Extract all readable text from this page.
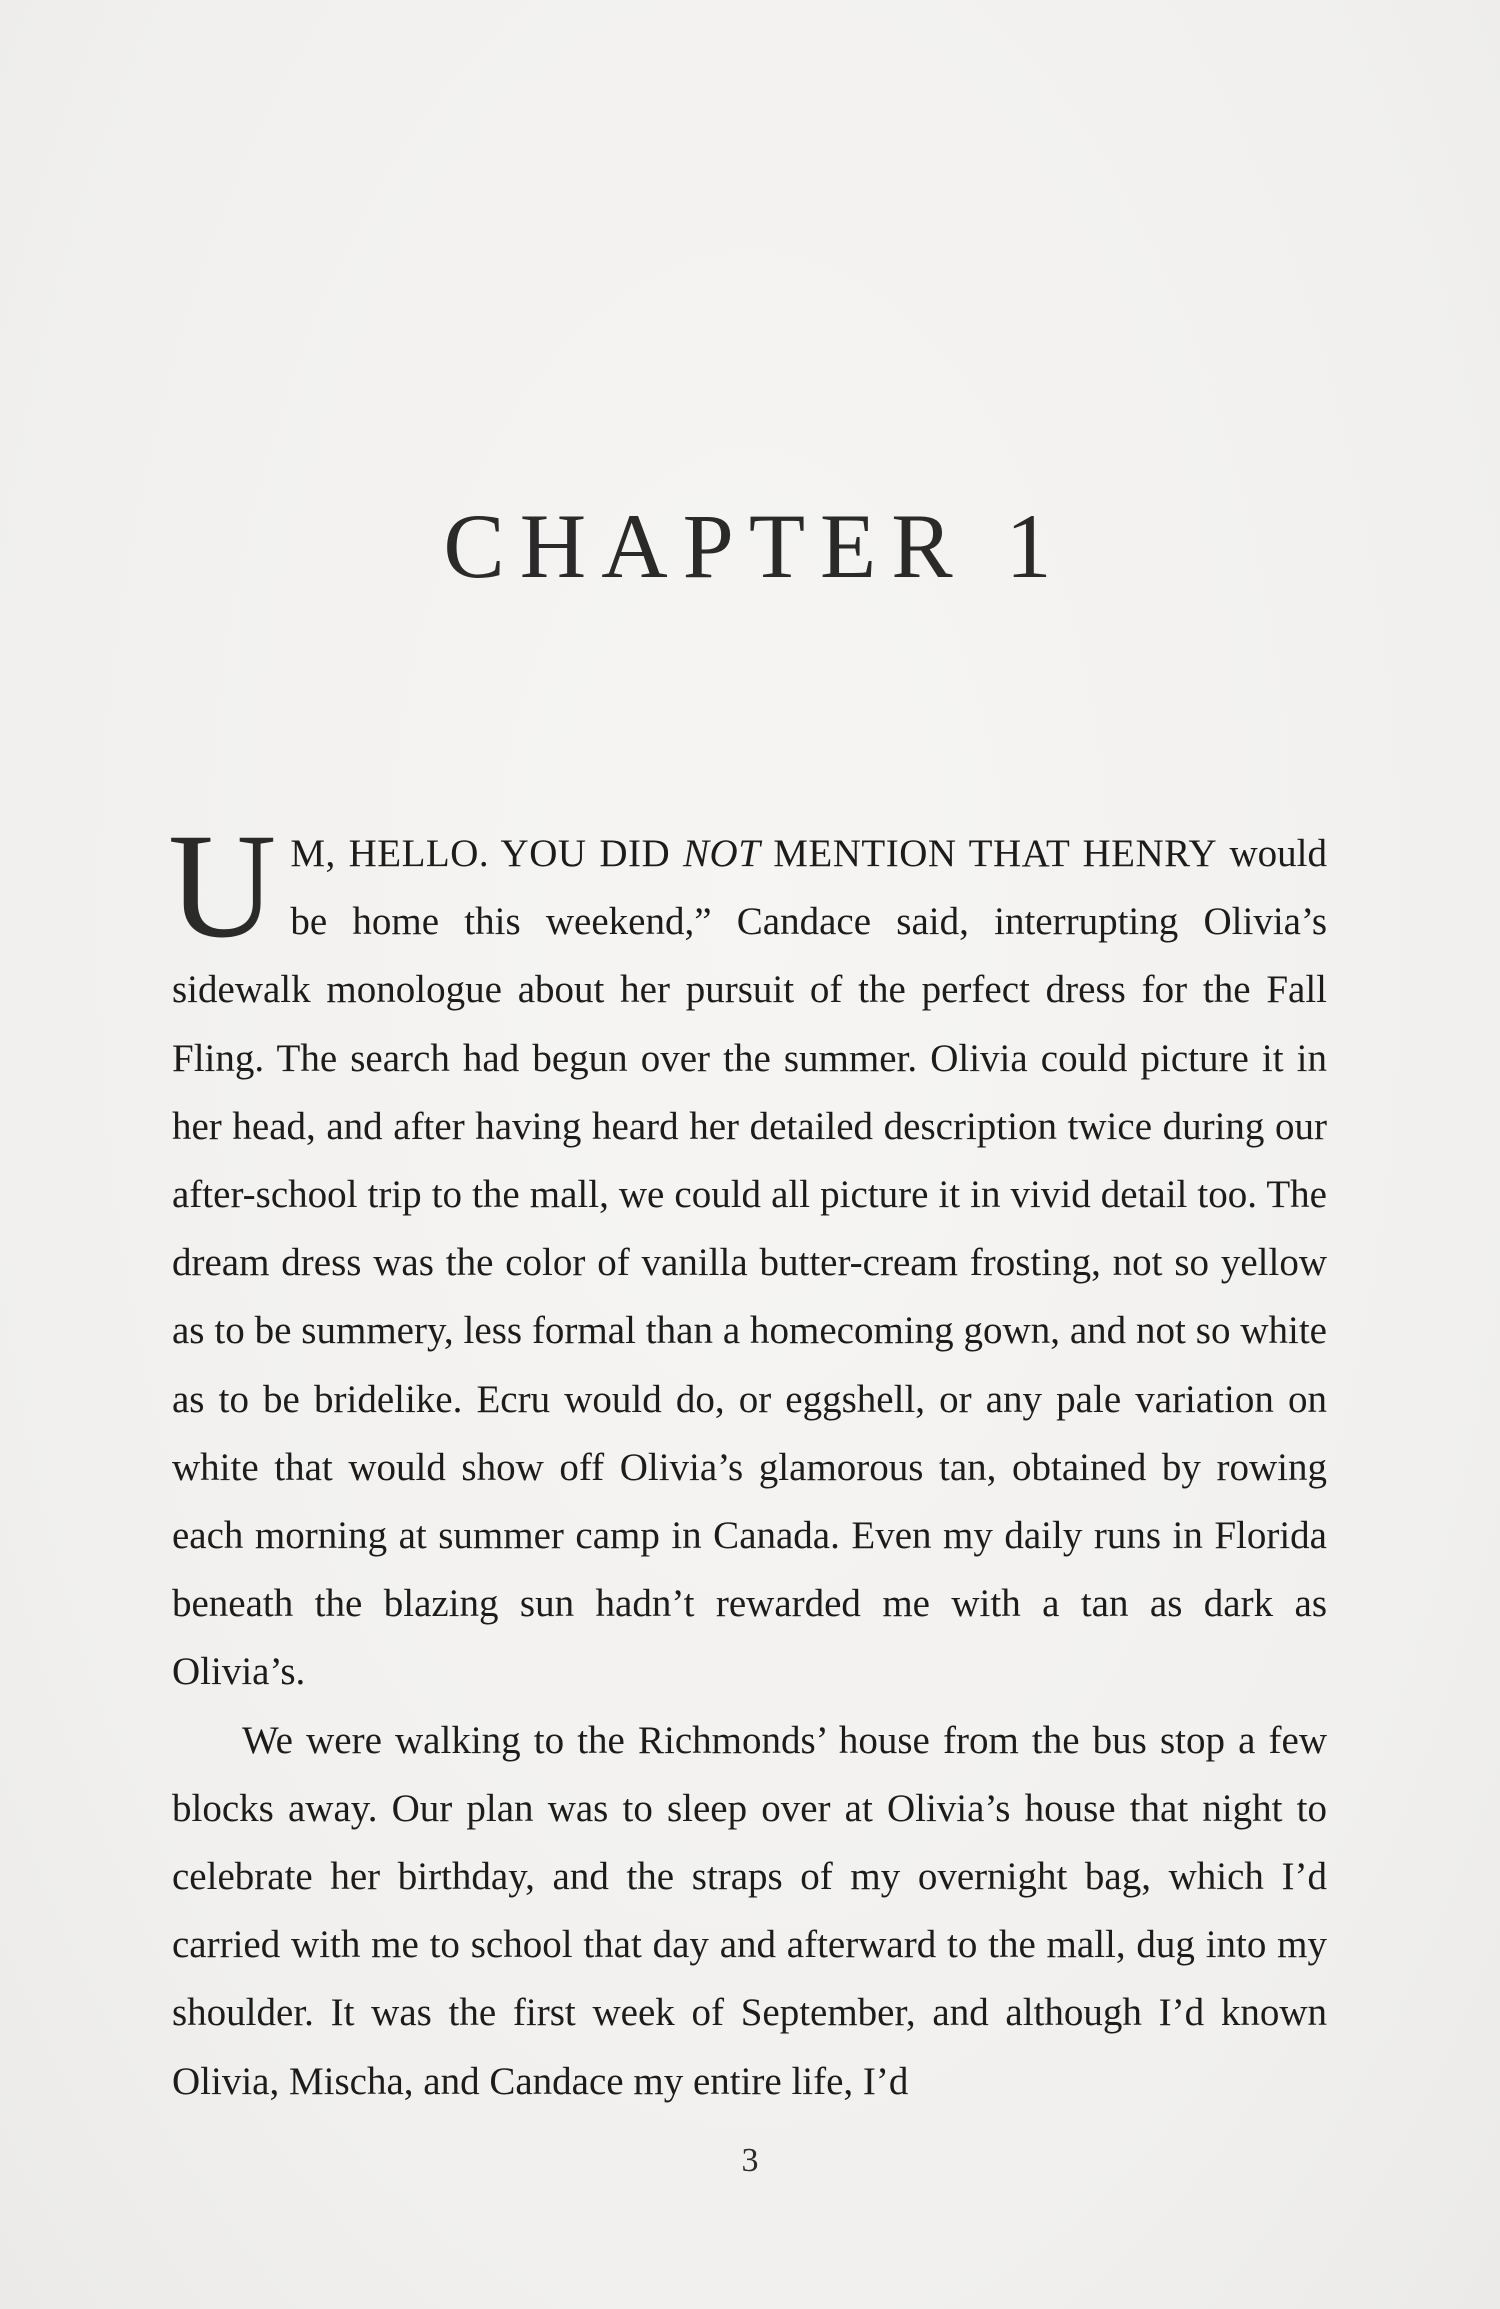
CHAPTER 1

U M, HELLO. YOU DID NOT MENTION THAT HENRY would be home this weekend,” Candace said, interrupting Olivia’s sidewalk monologue about her pursuit of the perfect dress for the Fall Fling. The search had begun over the summer. Olivia could picture it in her head, and after having heard her detailed description twice during our after-school trip to the mall, we could all picture it in vivid detail too. The dream dress was the color of vanilla butter-cream frosting, not so yellow as to be summery, less formal than a homecoming gown, and not so white as to be bridelike. Ecru would do, or eggshell, or any pale variation on white that would show off Olivia’s glamorous tan, obtained by rowing each morning at summer camp in Canada. Even my daily runs in Florida beneath the blazing sun hadn’t rewarded me with a tan as dark as Olivia’s.

We were walking to the Richmonds’ house from the bus stop a few blocks away. Our plan was to sleep over at Olivia’s house that night to celebrate her birthday, and the straps of my overnight bag, which I’d carried with me to school that day and afterward to the mall, dug into my shoulder. It was the first week of September, and although I’d known Olivia, Mischa, and Candace my entire life, I’d

3
